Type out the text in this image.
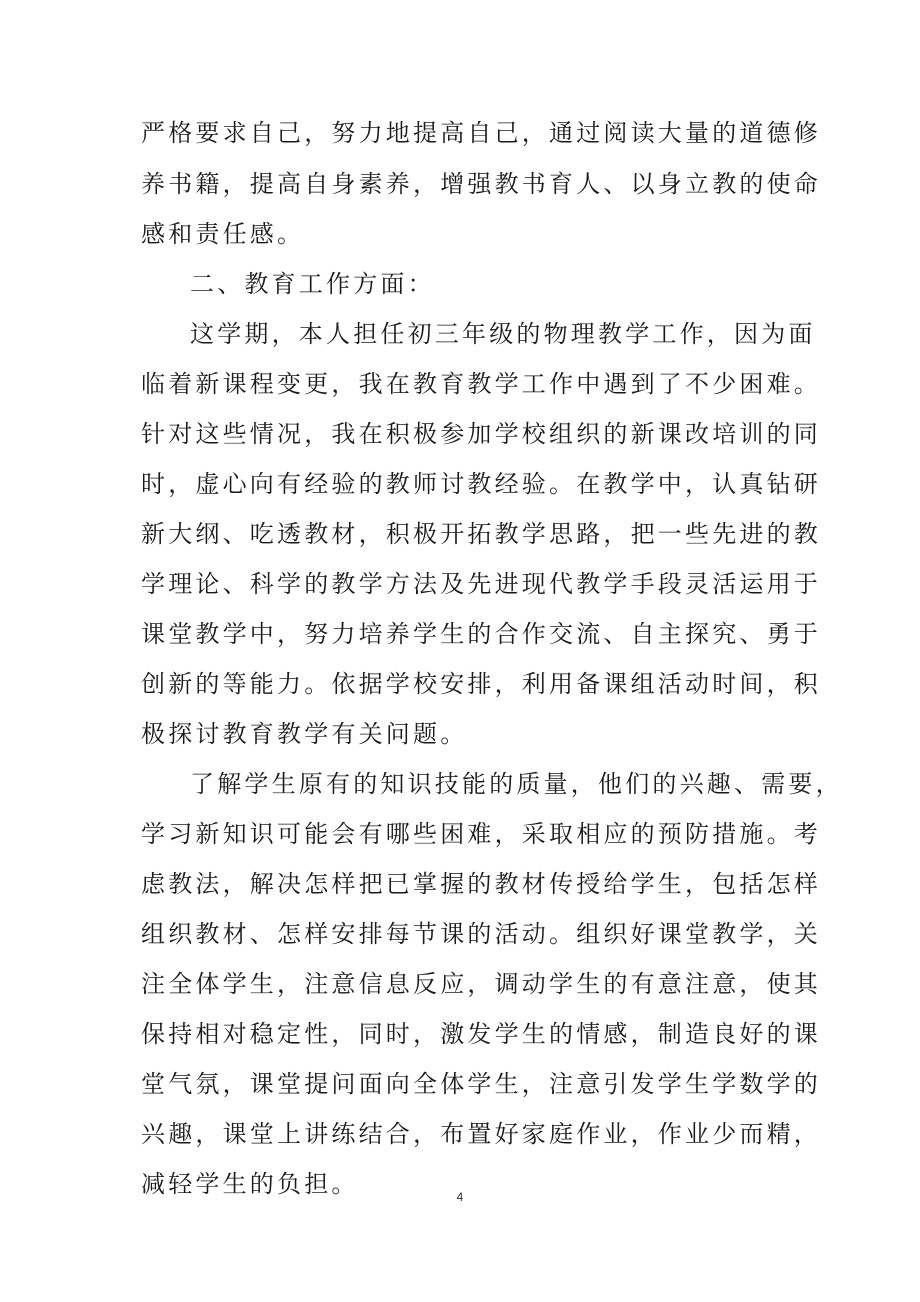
严格要求自己，努力地提高自己，通过阅读大量的道德修
养书籍，提高自身素养，增强教书育人、以身立教的使命
感和责任感。
二、教育工作方面：
这学期，本人担任初三年级的物理教学工作，因为面
临着新课程变更，我在教育教学工作中遇到了不少困难。
针对这些情况，我在积极参加学校组织的新课改培训的同
时，虚心向有经验的教师讨教经验。在教学中，认真钻研
新大纲、吃透教材，积极开拓教学思路，把一些先进的教
学理论、科学的教学方法及先进现代教学手段灵活运用于
课堂教学中，努力培养学生的合作交流、自主探究、勇于
创新的等能力。依据学校安排，利用备课组活动时间，积
极探讨教育教学有关问题。
了解学生原有的知识技能的质量，他们的兴趣、需要，
学习新知识可能会有哪些困难，采取相应的预防措施。考
虑教法，解决怎样把已掌握的教材传授给学生，包括怎样
组织教材、怎样安排每节课的活动。组织好课堂教学，关
注全体学生，注意信息反应，调动学生的有意注意，使其
保持相对稳定性，同时，激发学生的情感，制造良好的课
堂气氛，课堂提问面向全体学生，注意引发学生学数学的
兴趣，课堂上讲练结合，布置好家庭作业，作业少而精，
减轻学生的负担。	4
